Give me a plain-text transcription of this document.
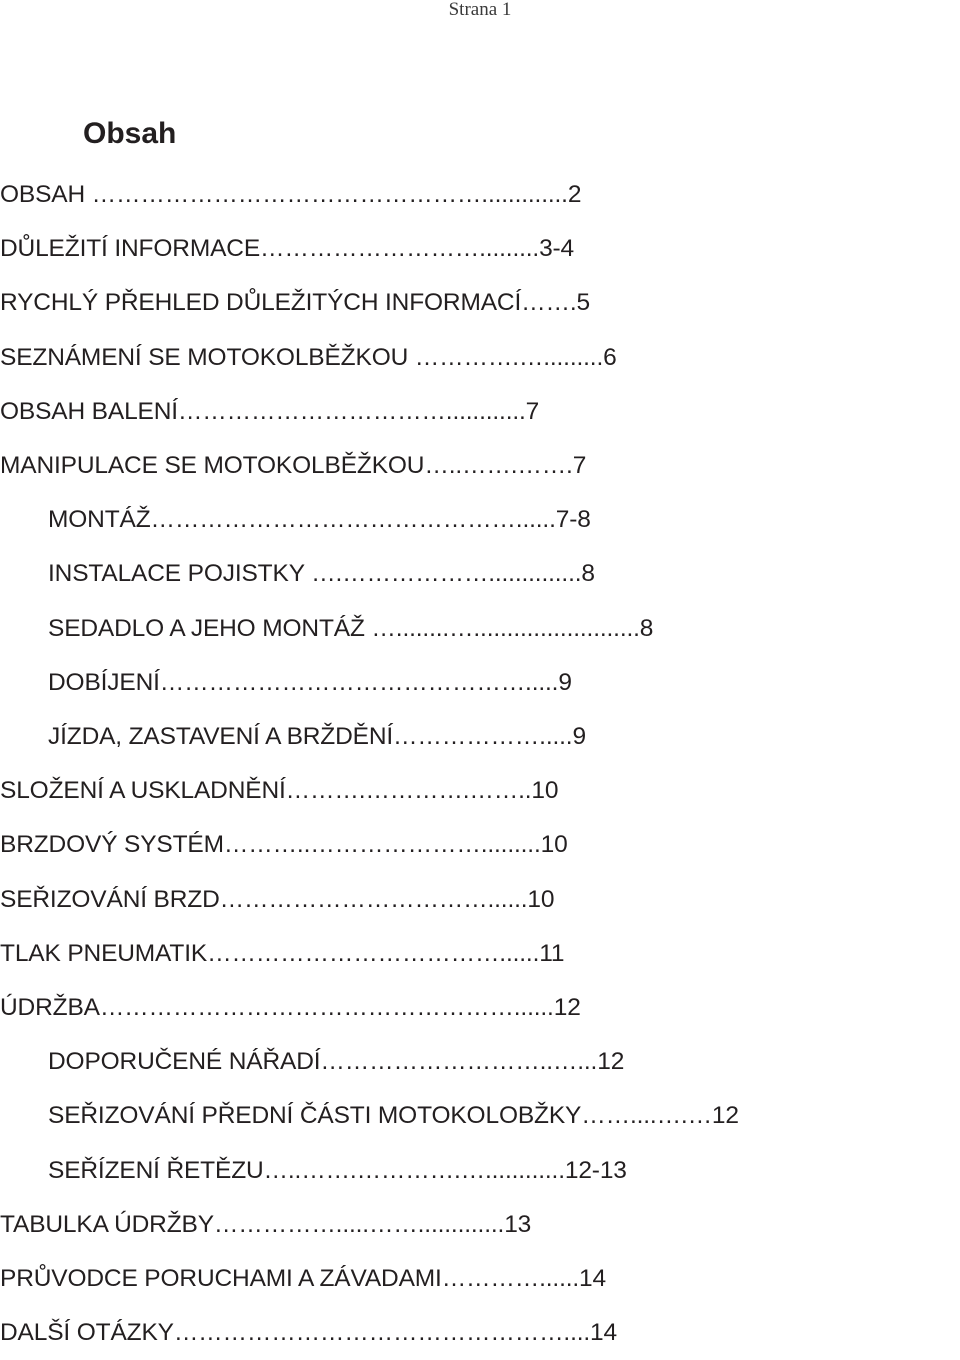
Strana 1
Obsah
OBSAH ………………………………………….............2
DŮLEŽITÍ INFORMACE……………………….........3-4
RYCHLÝ PŘEHLED DŮLEŽITÝCH INFORMACÍ…….5
SEZNÁMENÍ SE MOTOKOLBĚŽKOU ………….….........6
OBSAH BALENÍ……………………………............7
MANIPULACE SE MOTOKOLBĚŽKOU…..…….…….7
MONTÁŽ………………………………………......7-8
INSTALACE POJISTKY ….………………..............8
SEDADLO A JEHO MONTÁŽ …........….........................8
DOBÍJENÍ……………………………………….....9
JÍZDA, ZASTAVENÍ A BRŽDĚNÍ……………….....9
SLOŽENÍ A USKLADNĚNÍ……….………….……..10
BRZDOVÝ SYSTÉM………..………………….........10
SEŘIZOVÁNÍ BRZD……………………………......10
TLAK PNEUMATIK………………………………......11
ÚDRŽBA……………………………………………......12
DOPORUČENÉ NÁŘADÍ………………………..…...12
SEŘIZOVÁNÍ PŘEDNÍ ČÁSTI MOTOKOLOBŽKY……....….…12
SEŘÍZENÍ ŘETĚZU…..…….………….…............12-13
TABULKA ÚDRŽBY…………….....…….............13
PRŮVODCE PORUCHAMI A ZÁVADAMI…………......14
DALŠÍ OTÁZKY…………………………………………....14
